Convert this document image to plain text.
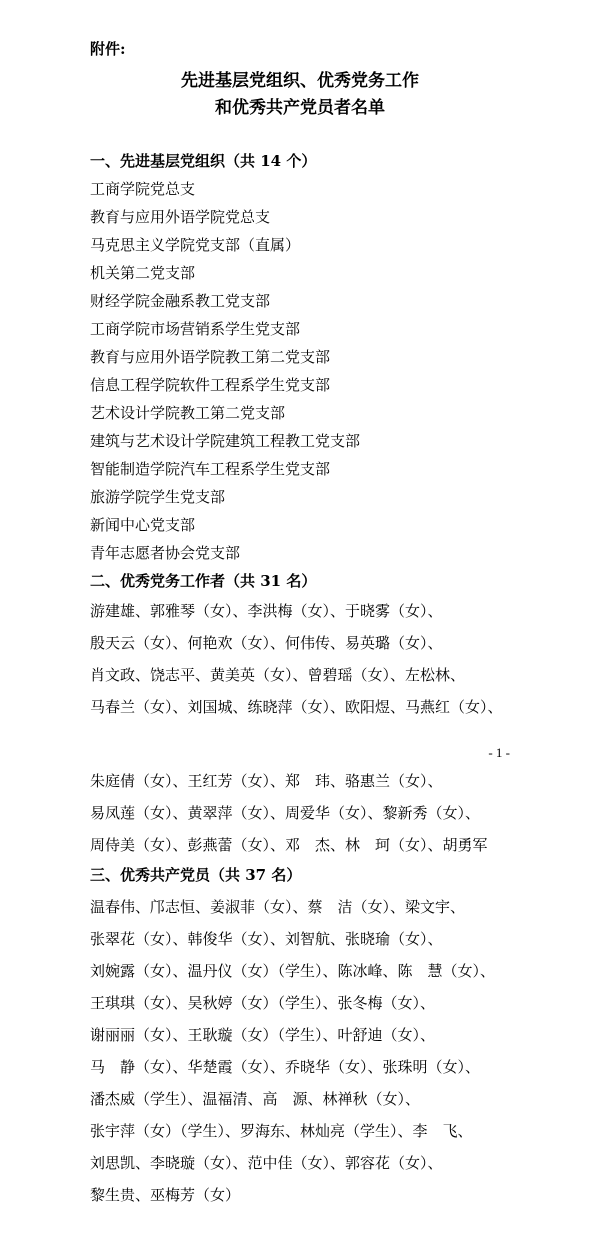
附件:
先进基层党组织、优秀党务工作
和优秀共产党员者名单
一、先进基层党组织（共 14 个）
工商学院党总支
教育与应用外语学院党总支
马克思主义学院党支部（直属）
机关第二党支部
财经学院金融系教工党支部
工商学院市场营销系学生党支部
教育与应用外语学院教工第二党支部
信息工程学院软件工程系学生党支部
艺术设计学院教工第二党支部
建筑与艺术设计学院建筑工程教工党支部
智能制造学院汽车工程系学生党支部
旅游学院学生党支部
新闻中心党支部
青年志愿者协会党支部
二、优秀党务工作者（共 31 名）
游建雄、郭雅琴（女）、李洪梅（女）、于晓雾（女）、
殷天云（女）、何艳欢（女）、何伟传、易英璐（女）、
肖文政、饶志平、黄美英（女）、曾碧瑶（女）、左松林、
马春兰（女）、刘国城、练晓萍（女）、欧阳煜、马燕红（女）、
- 1 -
朱庭倩（女）、王红芳（女）、郑　玮、骆惠兰（女）、
易凤莲（女）、黄翠萍（女）、周爱华（女）、黎新秀（女）、
周侍美（女）、彭燕蕾（女）、邓　杰、林　珂（女）、胡勇军
三、优秀共产党员（共 37 名）
温春伟、邝志恒、姜淑菲（女）、蔡　洁（女）、梁文宇、
张翠花（女）、韩俊华（女）、刘智航、张晓瑜（女）、
刘婉露（女）、温丹仪（女）（学生）、陈冰峰、陈　慧（女）、
王琪琪（女）、吴秋婷（女）（学生）、张冬梅（女）、
谢丽丽（女）、王耿璇（女）（学生）、叶舒迪（女）、
马　静（女）、华楚霞（女）、乔晓华（女）、张珠明（女）、
潘杰威（学生）、温福清、高　源、林禅秋（女）、
张宇萍（女）（学生）、罗海东、林灿亮（学生）、李　飞、
刘思凯、李晓璇（女）、范中佳（女）、郭容花（女）、
黎生贵、巫梅芳（女）
